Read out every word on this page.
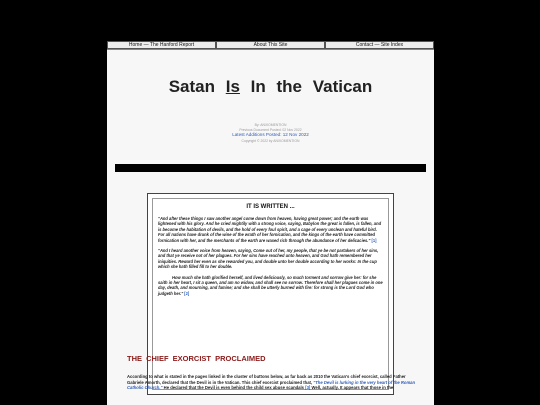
Home — The Hanford Report	About This Site	Contact — Site Index
Satan Is In the Vatican
By: ANXIOMENTION
Previous Document Posted: 02 Nov 2022
Latest Additions Posted: 12 Nov 2022
Copyright © 2022 by ANXIOMENTION
IT IS WRITTEN ...

"And after these things I saw another angel come down from heaven, having great power; and the earth was lightened with his glory. And he cried mightily with a strong voice, saying, Babylon the great is fallen, is fallen, and is become the habitation of devils, and the hold of every foul spirit, and a cage of every unclean and hateful bird. For all nations have drunk of the wine of the wrath of her fornication, and the kings of the earth have committed fornication with her, and the merchants of the earth are waxed rich through the abundance of her delicacies." [1]

"And I heard another voice from heaven, saying, Come out of her, my people, that ye be not partakers of her sins, and that ye receive not of her plagues. For her sins have reached unto heaven, and God hath remembered her iniquities. Reward her even as she rewarded you, and double unto her double according to her works: In the cup which she hath filled fill to her double.

How much she hath glorified herself, and lived deliciously, so much torment and sorrow give her: for she saith in her heart, I sit a queen, and am no widow, and shall see no sorrow. Therefore shall her plagues come in one day, death, and mourning, and famine; and she shall be utterly burned with fire: for strong is the Lord God who judgeth her." [2]

THE CHIEF EXORCIST PROCLAIMED
According to what is stated in the pages linked in the cluster of buttons below, as far back as 2010 the Vatican's chief exorcist, called Father Gabriele Amorth, declared that the Devil is in the Vatican. This chief exorcist proclaimed that, "The Devil is lurking in the very heart of the Roman Catholic Church." He declared that the Devil is even behind the child sex abuse scandals [3] Well, actually. It appears that those in the
